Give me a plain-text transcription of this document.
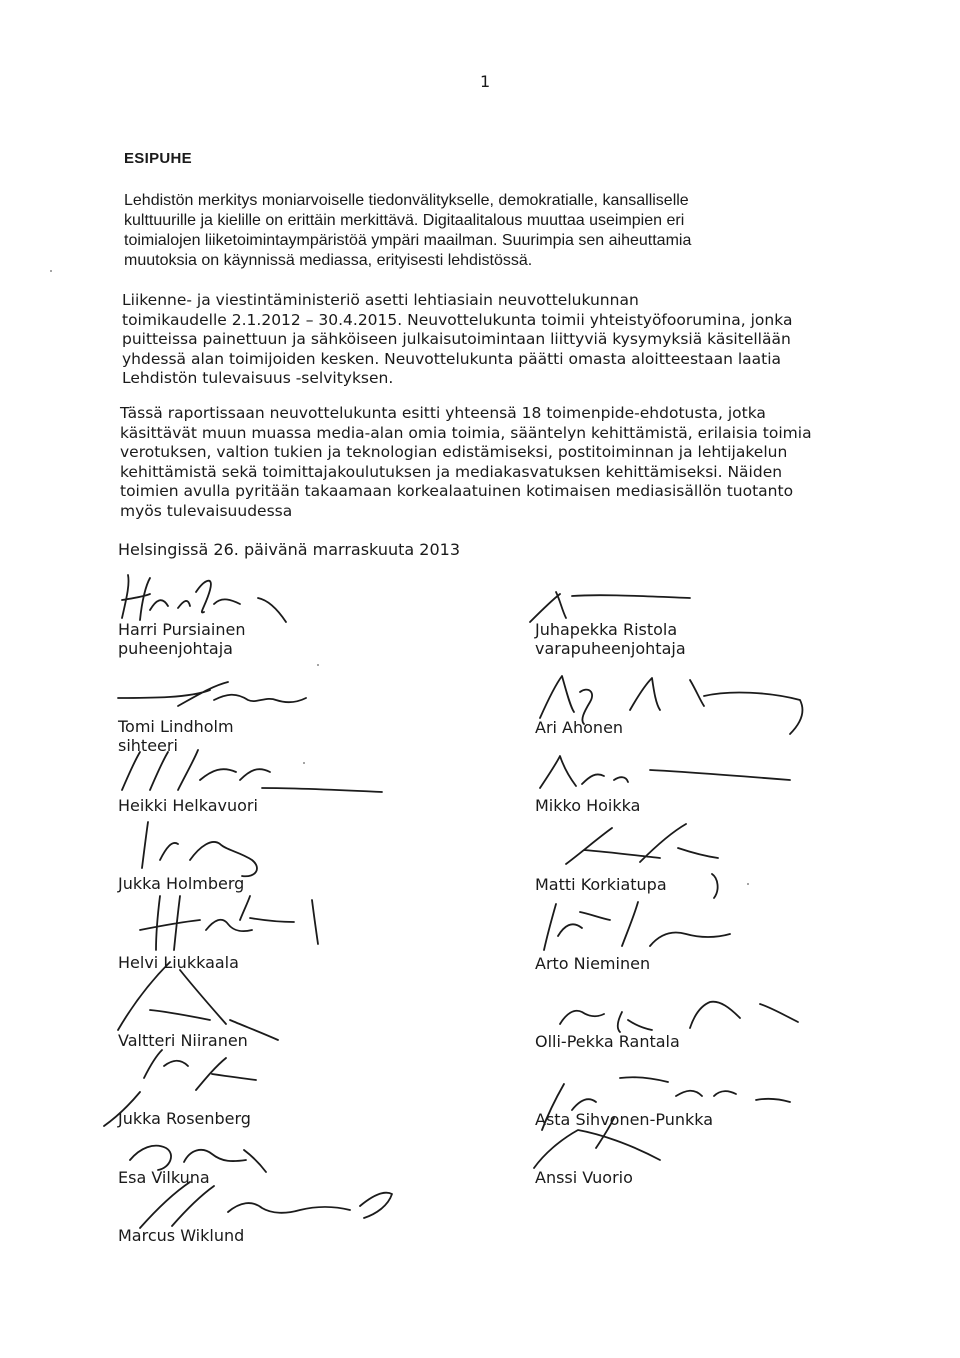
1
ESIPUHE
Lehdistön merkitys moniarvoiselle tiedonvälitykselle, demokratialle, kansalliselle
kulttuurille ja kielille on erittäin merkittävä. Digitaalitalous muuttaa useimpien eri
toimialojen liiketoimintaympäristöä ympäri maailman. Suurimpia sen aiheuttamia
muutoksia on käynnissä mediassa, erityisesti lehdistössä.
Liikenne- ja viestintäministeriö asetti lehtiasiain neuvottelukunnan
toimikaudelle 2.1.2012 – 30.4.2015. Neuvottelukunta toimii yhteistyöfoorumina, jonka
puitteissa painettuun ja sähköiseen julkaisutoimintaan liittyviä kysymyksiä käsitellään
yhdessä alan toimijoiden kesken. Neuvottelukunta päätti omasta aloitteestaan laatia
Lehdistön tulevaisuus -selvityksen.
Tässä raportissaan neuvottelukunta esitti yhteensä 18 toimenpide-ehdotusta, jotka
käsittävät muun muassa media-alan omia toimia, sääntelyn kehittämistä, erilaisia toimia
verotuksen, valtion tukien ja teknologian edistämiseksi, postitoiminnan ja lehtijakelun
kehittämistä sekä toimittajakoulutuksen ja mediakasvatuksen kehittämiseksi. Näiden
toimien avulla pyritään takaamaan korkealaatuinen kotimaisen mediasisällön tuotanto
myös tulevaisuudessa
Helsingissä 26. päivänä marraskuuta 2013
Harri Pursiainen
puheenjohtaja
Tomi Lindholm
sihteeri
Heikki Helkavuori
Jukka Holmberg
Helvi Liukkaala
Valtteri Niiranen
Jukka Rosenberg
Esa Vilkuna
Marcus Wiklund
Juhapekka Ristola
varapuheenjohtaja
Ari Ahonen
Mikko Hoikka
Matti Korkiatupa
Arto Nieminen
Olli-Pekka Rantala
Asta Sihvonen-Punkka
Anssi Vuorio
